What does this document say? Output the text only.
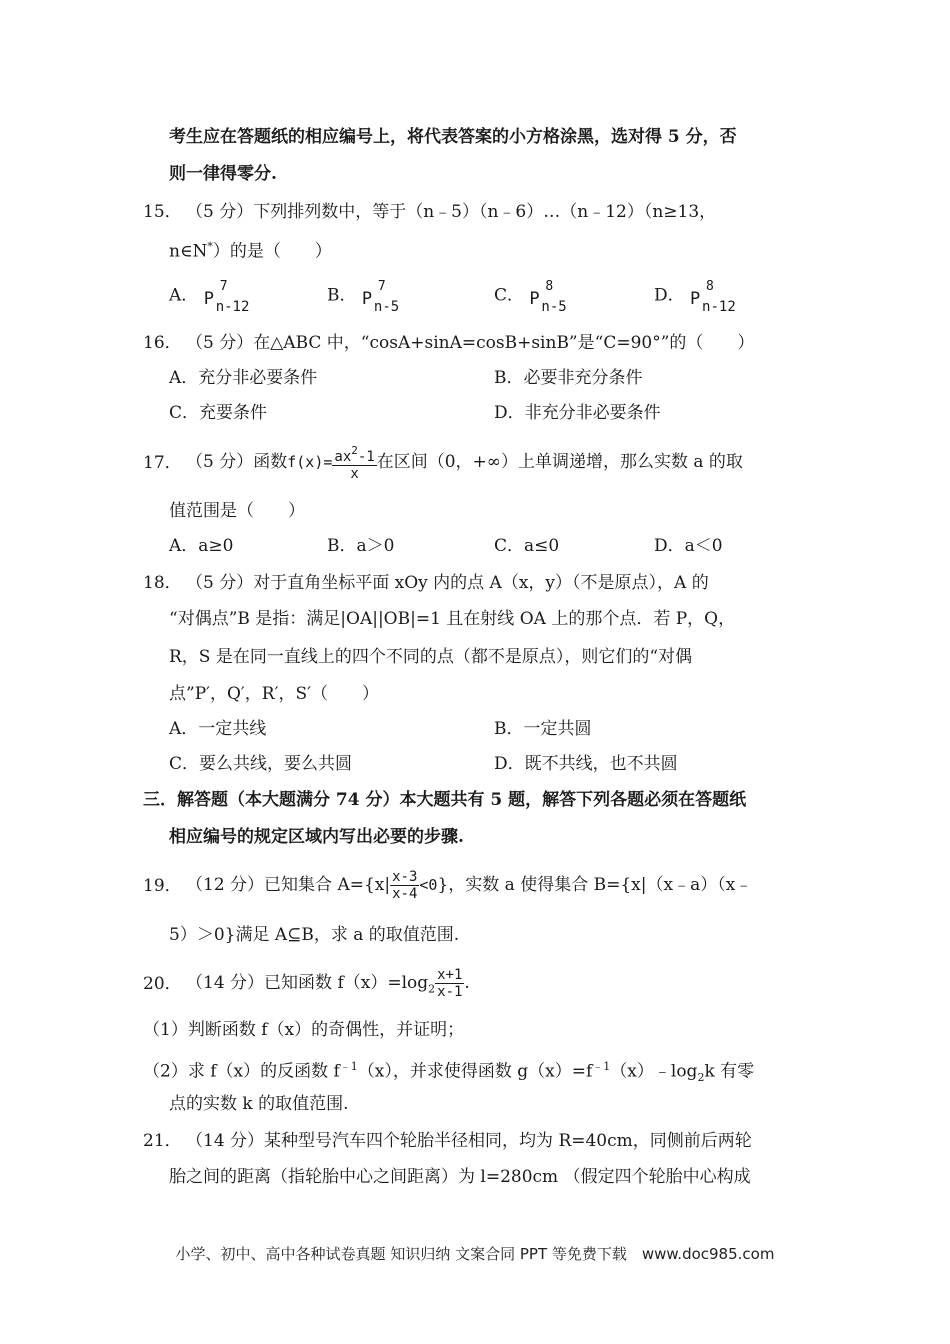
考生应在答题纸的相应编号上，将代表答案的小方格涂黑，选对得 5 分，否
则一律得零分.
15． （5 分）下列排列数中，等于（n﹣5）（n﹣6）…（n﹣12）（n≥13，
n∈N*）的是（　　）
A． P
7
n-12
B． P
7
n-5
C． P
8
n-5
D． P
8
n-12
16． （5 分）在△ABC 中，“cosA+sinA=cosB+sinB”是“C=90°”的（　　）
A．充分非必要条件	B．必要非充分条件
C．充要条件	D．非充分非必要条件
17． （5 分）函数$f(x)= \frac{ax^2-1}{x}$ 在区间（0，+∞）上单调递增，那么实数 a 的取
值范围是（　　）
A．a≥0	B．a＞0	C．a≤0	D．a＜0
18． （5 分）对于直角坐标平面 xOy 内的点 A（x，y）（不是原点），A 的
“对偶点”B 是指：满足|OA||OB|=1 且在射线 OA 上的那个点．若 P，Q，
R，S 是在同一直线上的四个不同的点（都不是原点），则它们的“对偶
点”P′，Q′，R′，S′（　　）
A．一定共线	B．一定共圆
C．要么共线，要么共圆	D．既不共线，也不共圆
三．解答题（本大题满分 74 分）本大题共有 5 题，解答下列各题必须在答题纸
相应编号的规定区域内写出必要的步骤.
19． （12 分）已知集合 $A=\{x| \frac{x-3}{x-4} <0\}$，实数 a 使得集合 B={x|（x﹣a）（x﹣
5）＞0}满足 A⊆B，求 a 的取值范围.
20． （14 分）已知函数 $f(x)=\log_2 \frac{x+1}{x-1}$ .
（1）判断函数 f（x）的奇偶性，并证明；
（2）求 f（x）的反函数 $f^{﹣1}(x)$，并求使得函数 $g(x)=f^{﹣1}(x)﹣\log_2k$ 有零
点的实数 k 的取值范围.
21． （14 分）某种型号汽车四个轮胎半径相同，均为 R=40cm，同侧前后两轮
胎之间的距离（指轮胎中心之间距离）为 l=280cm （假定四个轮胎中心构成
小学、初中、高中各种试卷真题 知识归纳 文案合同 PPT 等免费下载　www.doc985.com
